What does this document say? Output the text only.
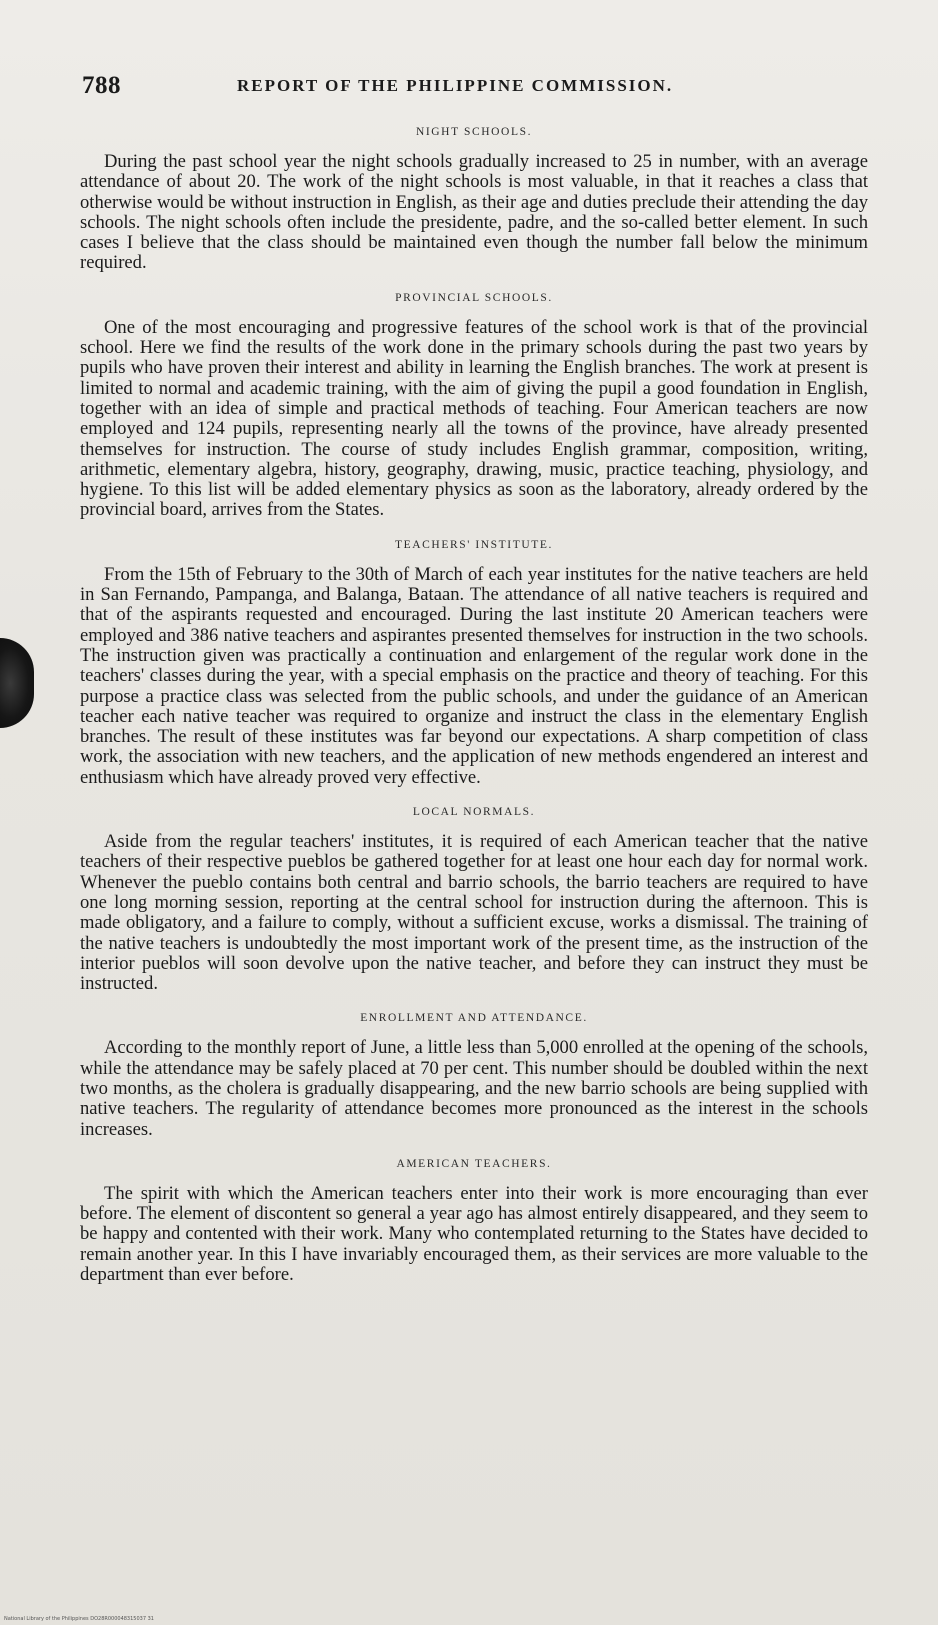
788	REPORT OF THE PHILIPPINE COMMISSION.
NIGHT SCHOOLS.

During the past school year the night schools gradually increased to 25 in number, with an average attendance of about 20. The work of the night schools is most valuable, in that it reaches a class that otherwise would be without instruction in English, as their age and duties preclude their attending the day schools. The night schools often include the presidente, padre, and the so-called better element. In such cases I believe that the class should be maintained even though the number fall below the minimum required.

PROVINCIAL SCHOOLS.

One of the most encouraging and progressive features of the school work is that of the provincial school. Here we find the results of the work done in the primary schools during the past two years by pupils who have proven their interest and ability in learning the English branches. The work at present is limited to normal and academic training, with the aim of giving the pupil a good foundation in English, together with an idea of simple and practical methods of teaching. Four American teachers are now employed and 124 pupils, representing nearly all the towns of the province, have already presented themselves for instruction. The course of study includes English grammar, composition, writing, arithmetic, elementary algebra, history, geography, drawing, music, practice teaching, physiology, and hygiene. To this list will be added elementary physics as soon as the laboratory, already ordered by the provincial board, arrives from the States.

TEACHERS' INSTITUTE.

From the 15th of February to the 30th of March of each year institutes for the native teachers are held in San Fernando, Pampanga, and Balanga, Bataan. The attendance of all native teachers is required and that of the aspirants requested and encouraged. During the last institute 20 American teachers were employed and 386 native teachers and aspirantes presented themselves for instruction in the two schools. The instruction given was practically a continuation and enlargement of the regular work done in the teachers' classes during the year, with a special emphasis on the practice and theory of teaching. For this purpose a practice class was selected from the public schools, and under the guidance of an American teacher each native teacher was required to organize and instruct the class in the elementary English branches. The result of these institutes was far beyond our expectations. A sharp competition of class work, the association with new teachers, and the application of new methods engendered an interest and enthusiasm which have already proved very effective.

LOCAL NORMALS.

Aside from the regular teachers' institutes, it is required of each American teacher that the native teachers of their respective pueblos be gathered together for at least one hour each day for normal work. Whenever the pueblo contains both central and barrio schools, the barrio teachers are required to have one long morning session, reporting at the central school for instruction during the afternoon. This is made obligatory, and a failure to comply, without a sufficient excuse, works a dismissal. The training of the native teachers is undoubtedly the most important work of the present time, as the instruction of the interior pueblos will soon devolve upon the native teacher, and before they can instruct they must be instructed.

ENROLLMENT AND ATTENDANCE.

According to the monthly report of June, a little less than 5,000 enrolled at the opening of the schools, while the attendance may be safely placed at 70 per cent. This number should be doubled within the next two months, as the cholera is gradually disappearing, and the new barrio schools are being supplied with native teachers. The regularity of attendance becomes more pronounced as the interest in the schools increases.

AMERICAN TEACHERS.

The spirit with which the American teachers enter into their work is more encouraging than ever before. The element of discontent so general a year ago has almost entirely disappeared, and they seem to be happy and contented with their work. Many who contemplated returning to the States have decided to remain another year. In this I have invariably encouraged them, as their services are more valuable to the department than ever before.

National Library of the Philippines DO28R000048315037 31
